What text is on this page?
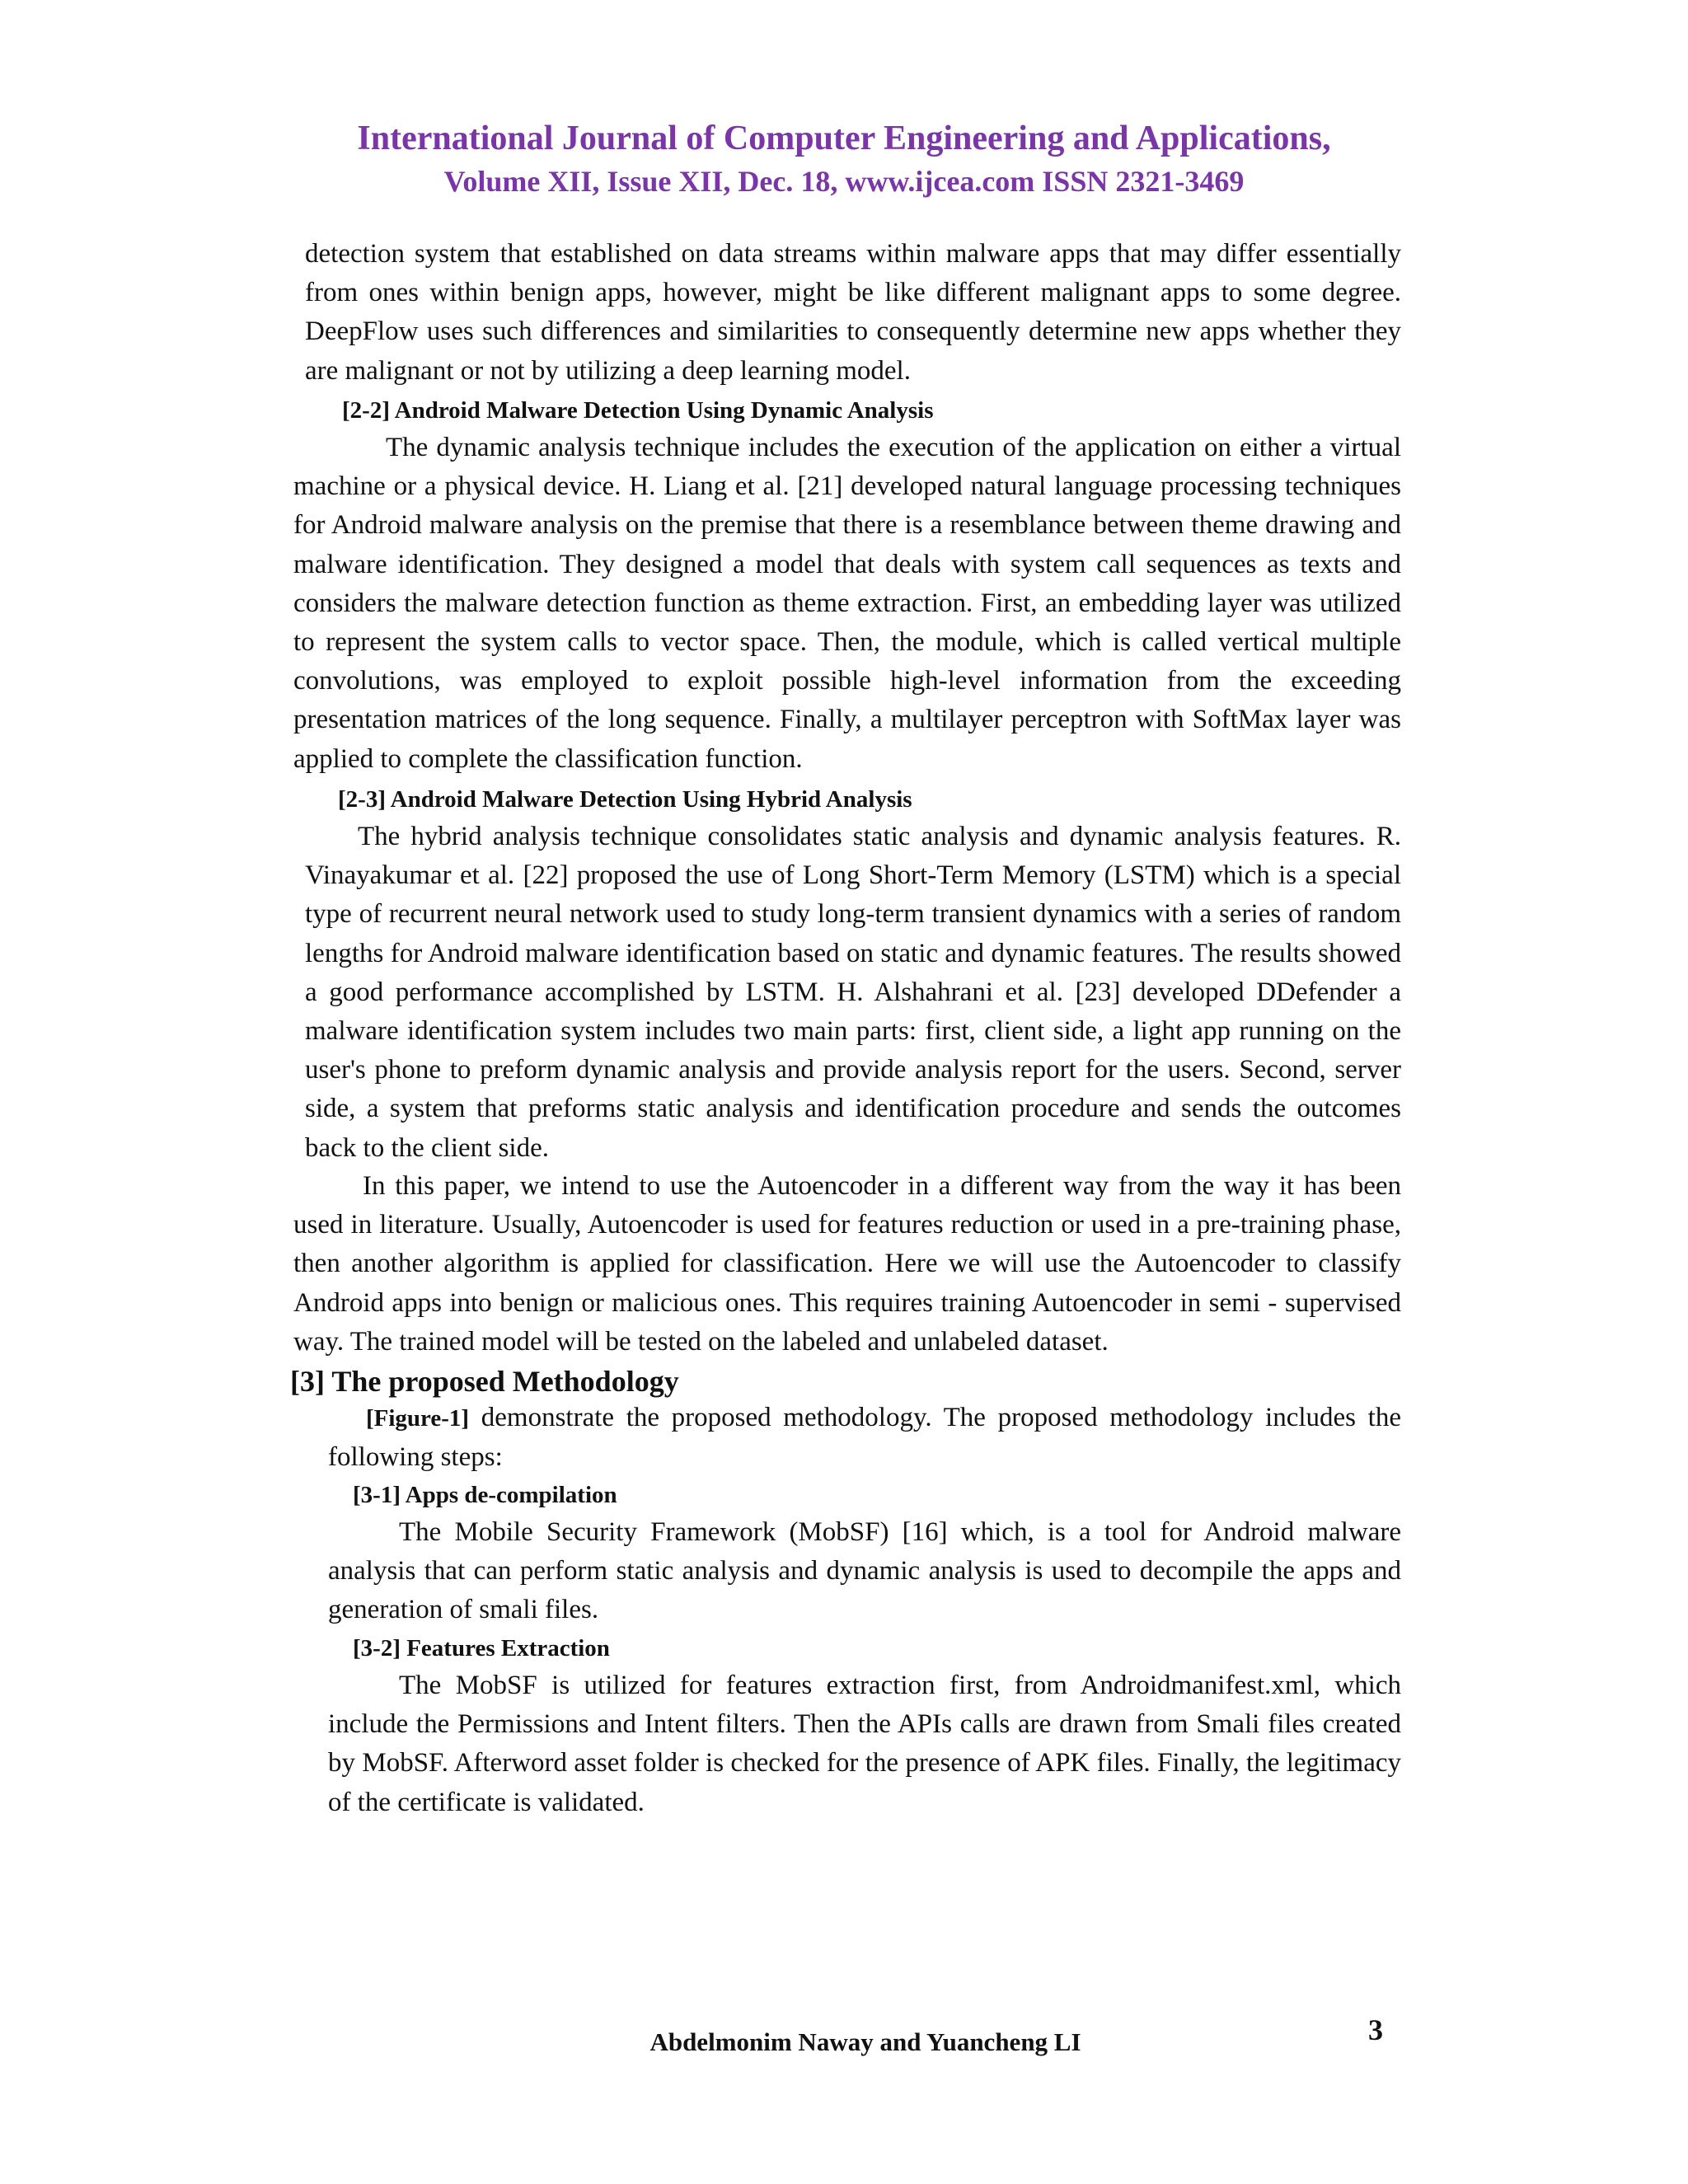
International Journal of Computer Engineering and Applications,
Volume XII, Issue XII, Dec. 18, www.ijcea.com ISSN 2321-3469

detection system that established on data streams within malware apps that may differ essentially from ones within benign apps, however, might be like different malignant apps to some degree. DeepFlow uses such differences and similarities to consequently determine new apps whether they are malignant or not by utilizing a deep learning model.

[2-2] Android Malware Detection Using Dynamic Analysis

The dynamic analysis technique includes the execution of the application on either a virtual machine or a physical device. H. Liang et al. [21] developed natural language processing techniques for Android malware analysis on the premise that there is a resemblance between theme drawing and malware identification. They designed a model that deals with system call sequences as texts and considers the malware detection function as theme extraction. First, an embedding layer was utilized to represent the system calls to vector space. Then, the module, which is called vertical multiple convolutions, was employed to exploit possible high-level information from the exceeding presentation matrices of the long sequence. Finally, a multilayer perceptron with SoftMax layer was applied to complete the classification function.

[2-3] Android Malware Detection Using Hybrid Analysis

The hybrid analysis technique consolidates static analysis and dynamic analysis features. R. Vinayakumar et al. [22] proposed the use of Long Short-Term Memory (LSTM) which is a special type of recurrent neural network used to study long-term transient dynamics with a series of random lengths for Android malware identification based on static and dynamic features. The results showed a good performance accomplished by LSTM. H. Alshahrani et al. [23] developed DDefender a malware identification system includes two main parts: first, client side, a light app running on the user's phone to preform dynamic analysis and provide analysis report for the users. Second, server side, a system that preforms static analysis and identification procedure and sends the outcomes back to the client side.

In this paper, we intend to use the Autoencoder in a different way from the way it has been used in literature. Usually, Autoencoder is used for features reduction or used in a pre-training phase, then another algorithm is applied for classification. Here we will use the Autoencoder to classify Android apps into benign or malicious ones. This requires training Autoencoder in semi - supervised way. The trained model will be tested on the labeled and unlabeled dataset.

[3] The proposed Methodology

[Figure-1] demonstrate the proposed methodology. The proposed methodology includes the following steps:

[3-1] Apps de-compilation

The Mobile Security Framework (MobSF) [16] which, is a tool for Android malware analysis that can perform static analysis and dynamic analysis is used to decompile the apps and generation of smali files.

[3-2] Features Extraction

The MobSF is utilized for features extraction first, from Androidmanifest.xml, which include the Permissions and Intent filters. Then the APIs calls are drawn from Smali files created by MobSF. Afterword asset folder is checked for the presence of APK files. Finally, the legitimacy of the certificate is validated.

Abdelmonim Naway and Yuancheng LI	3
